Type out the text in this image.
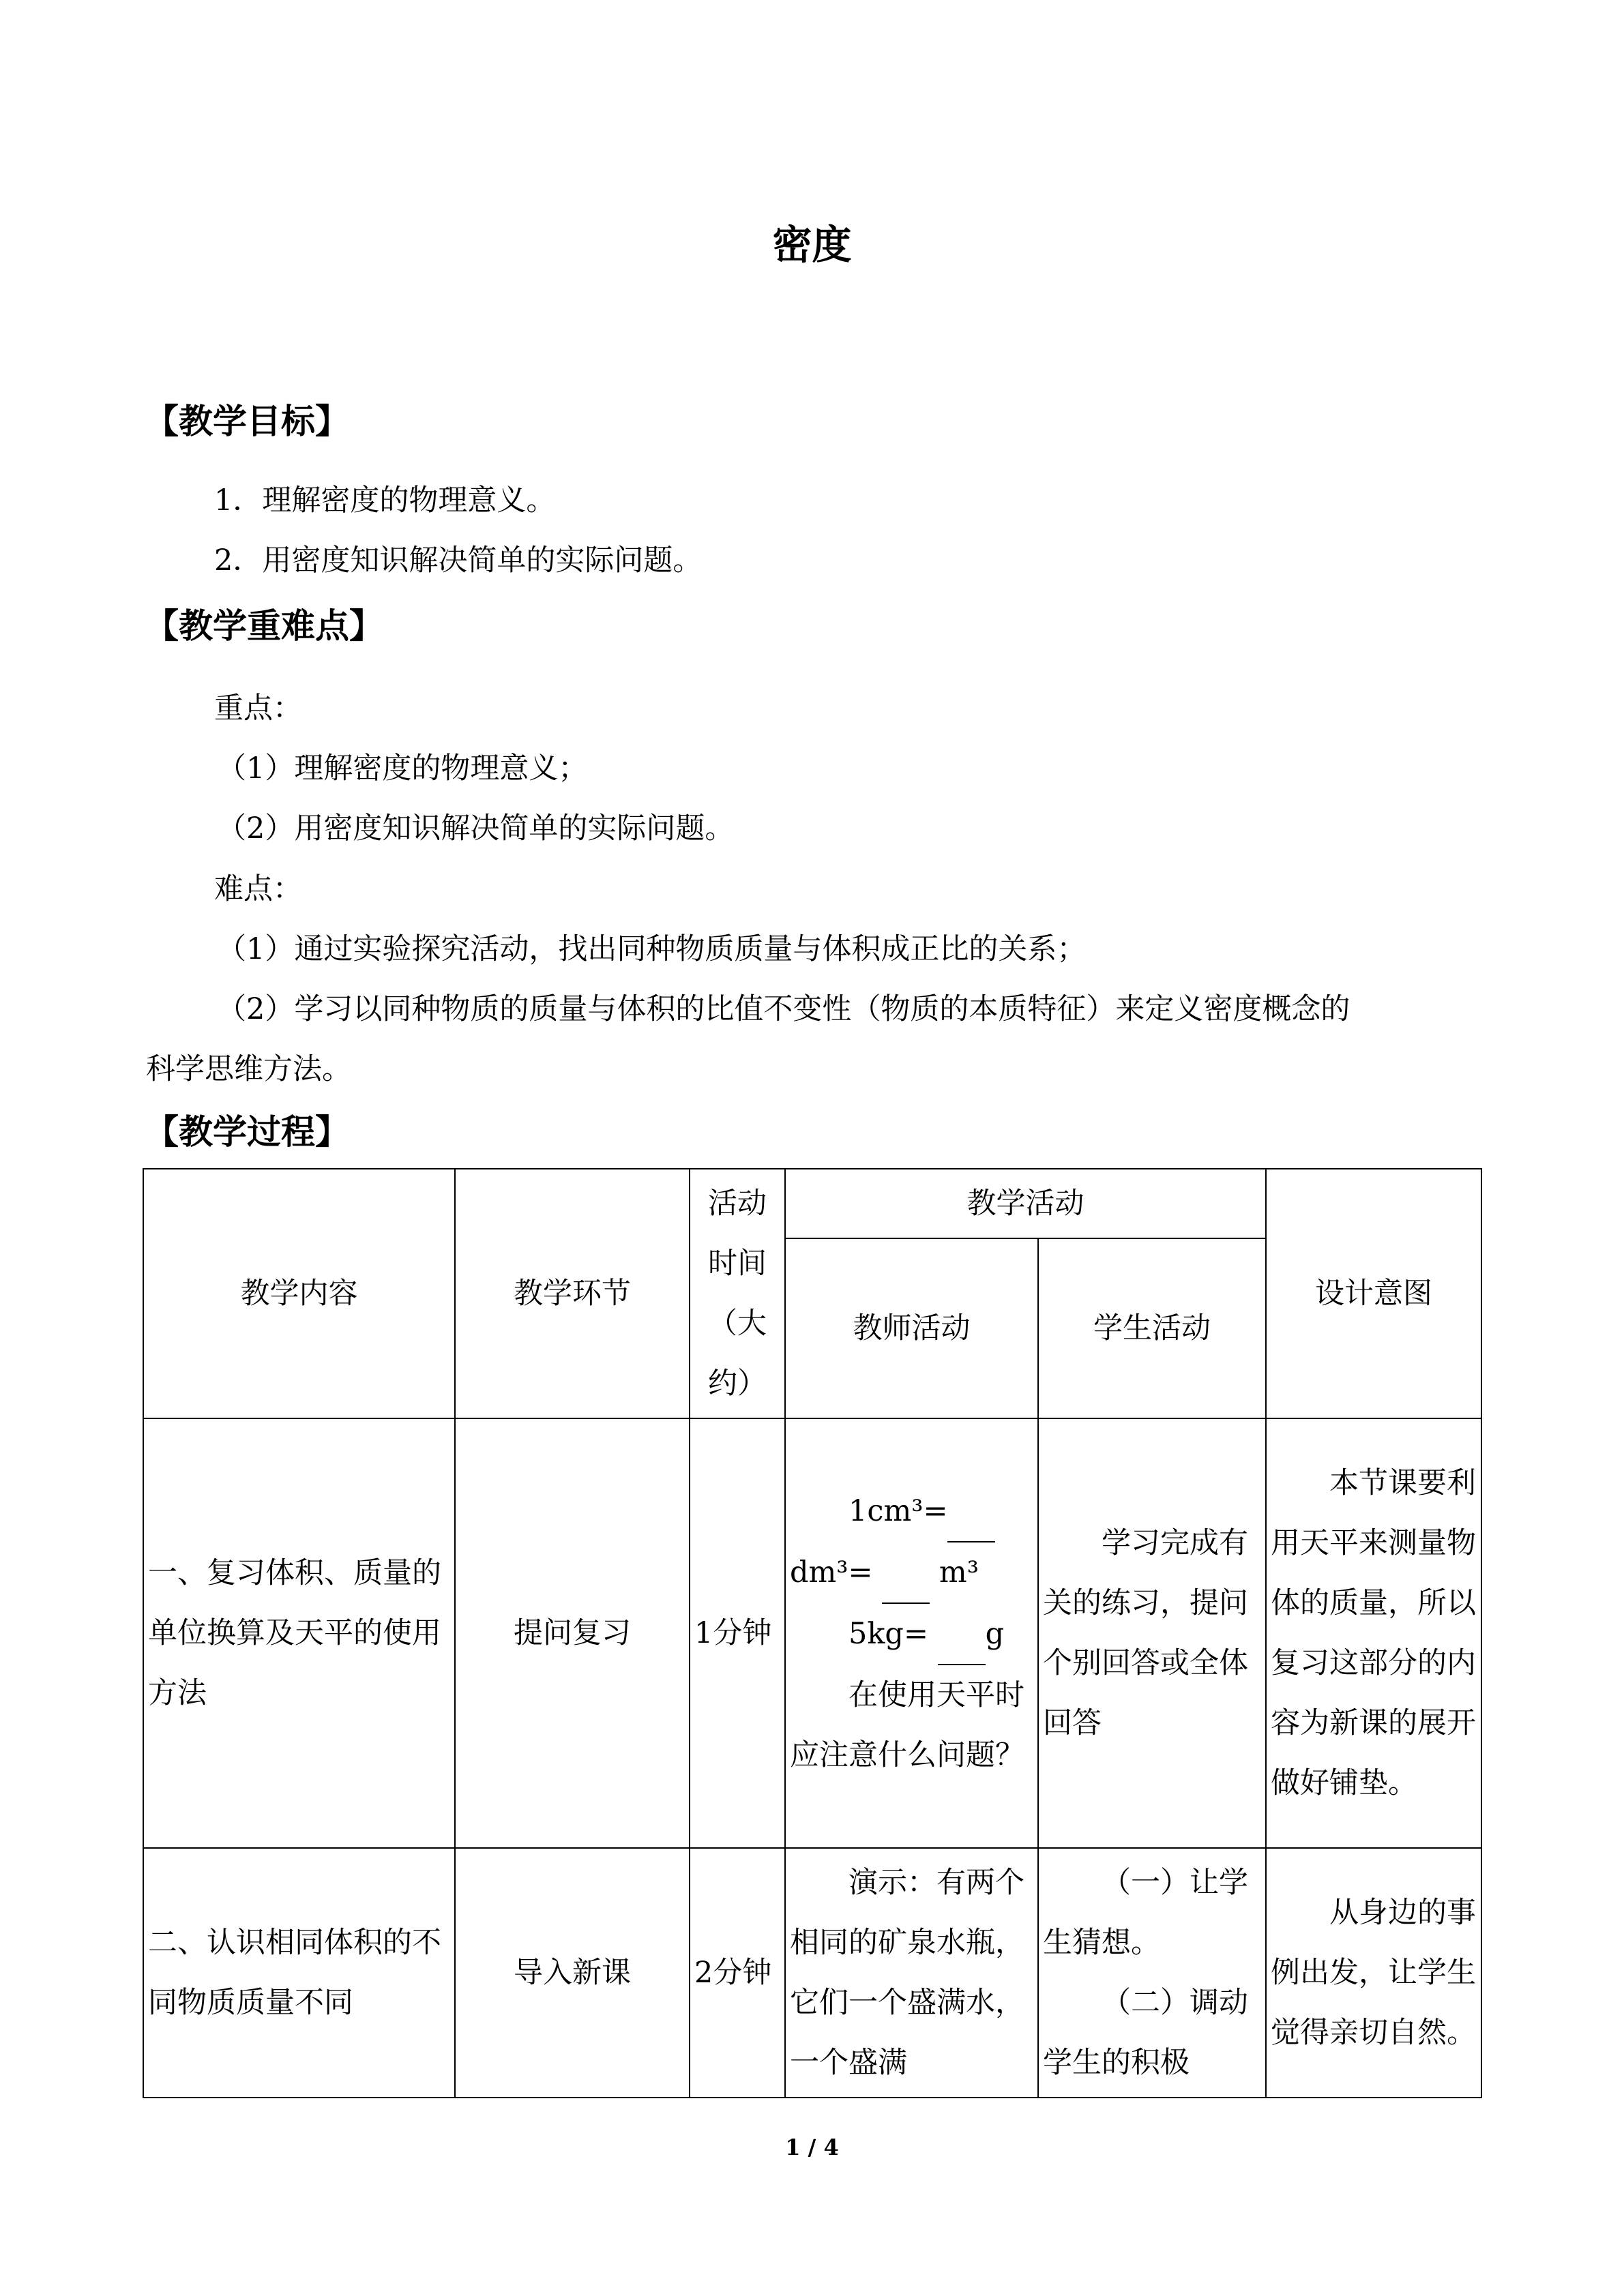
密度
【教学目标】
1．理解密度的物理意义。
2．用密度知识解决简单的实际问题。
【教学重难点】
重点：
（1）理解密度的物理意义；
（2）用密度知识解决简单的实际问题。
难点：
（1）通过实验探究活动，找出同种物质质量与体积成正比的关系；
（2）学习以同种物质的质量与体积的比值不变性（物质的本质特征）来定义密度概念的
科学思维方法。
【教学过程】
教学内容	教学环节	活动时间（大约）	教学活动		设计意图
			教师活动	学生活动	
一、复习体积、质量的单位换算及天平的使用方法	提问复习	1分钟	1cm³=
dm³= m³
5kg= g
在使用天平时应注意什么问题？	学习完成有关的练习，提问个别回答或全体回答	本节课要利用天平来测量物体的质量，所以复习这部分的内容为新课的展开做好铺垫。
二、认识相同体积的不同物质质量不同	导入新课	2分钟	演示：有两个相同的矿泉水瓶，它们一个盛满水，一个盛满	（一）让学生猜想。
（二）调动学生的积极	从身边的事例出发，让学生觉得亲切自然。
1 / 4
